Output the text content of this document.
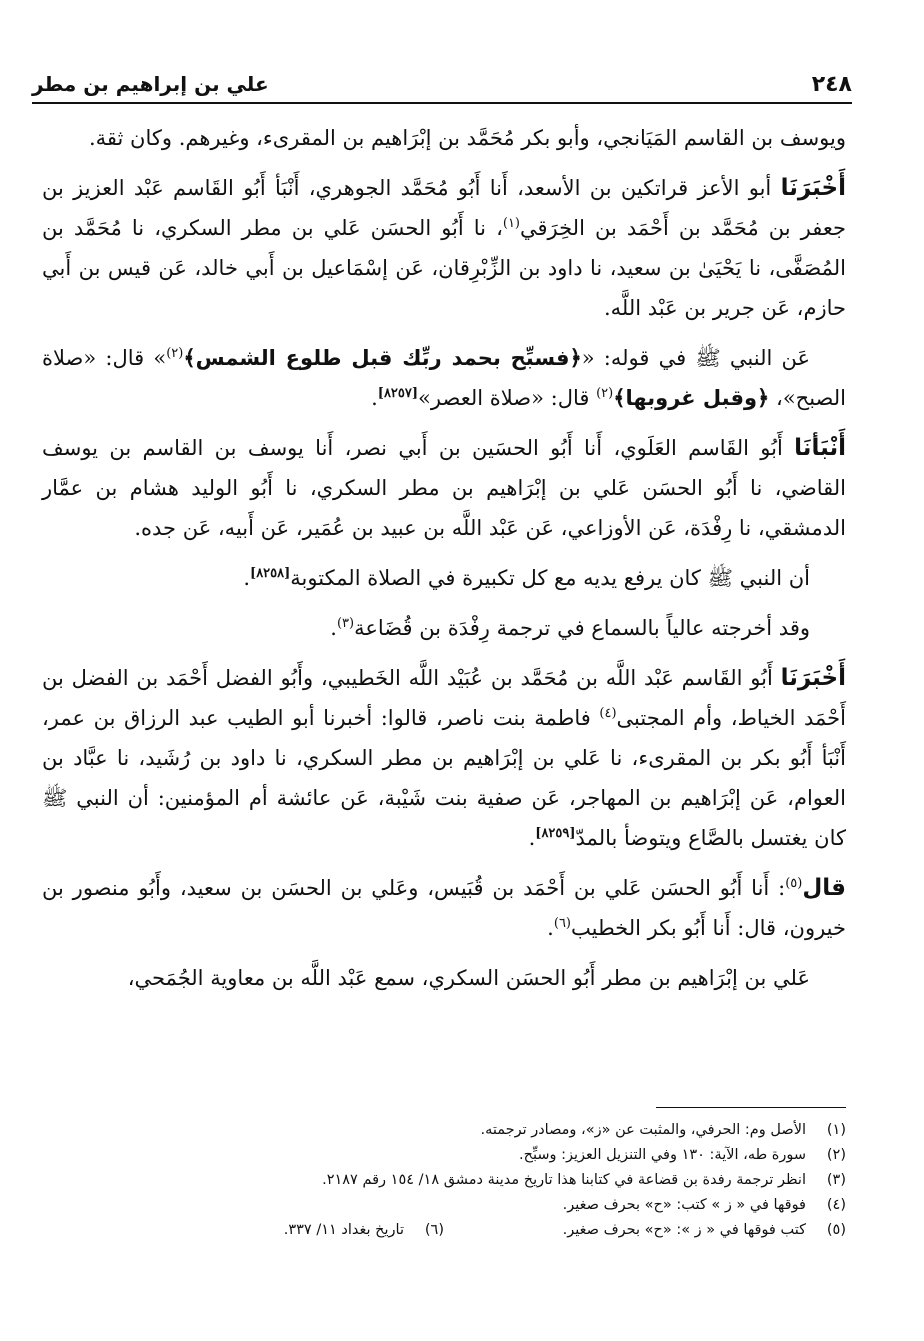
٢٤٨
علي بن إبراهيم بن مطر

ويوسف بن القاسم المَيَانجي، وأبو بكر مُحَمَّد بن إبْرَاهيم بن المقرىء، وغيرهم. وكان ثقة.

أَخْبَرَنَا أبو الأعز قراتكين بن الأسعد، أَنا أَبُو مُحَمَّد الجوهري، أَنْبَأ أَبُو القَاسم عَبْد العزيز بن جعفر بن مُحَمَّد بن أَحْمَد بن الخِرَقي$^{(١)}$، نا أَبُو الحسَن عَلي بن مطر السكري، نا مُحَمَّد بن المُصَفَّى، نا يَحْيَىٰ بن سعيد، نا داود بن الزِّبْرِقان، عَن إسْمَاعيل بن أَبي خالد، عَن قيس بن أَبي حازم، عَن جرير بن عَبْد اللَّه.

عَن النبي ﷺ في قوله: «﴿فسبِّح بحمد ربِّك قبل طلوع الشمس﴾$^{(٢)}$» قال: «صلاة الصبح»، ﴿وقبل غروبها﴾$^{(٢)}$ قال: «صلاة العصر»[٨٢٥٧].

أَنْبَأنَا أَبُو القَاسم العَلَوي، أَنا أَبُو الحسَين بن أَبي نصر، أَنا يوسف بن القاسم بن يوسف القاضي، نا أَبُو الحسَن عَلي بن إبْرَاهيم بن مطر السكري، نا أَبُو الوليد هشام بن عمَّار الدمشقي، نا رِفْدَة، عَن الأوزاعي، عَن عَبْد اللَّه بن عبيد بن عُمَير، عَن أَبيه، عَن جده.

أن النبي ﷺ كان يرفع يديه مع كل تكبيرة في الصلاة المكتوبة[٨٢٥٨].

وقد أخرجته عالياً بالسماع في ترجمة رِفْدَة بن قُضَاعة$^{(٣)}$.

أَخْبَرَنَا أَبُو القَاسم عَبْد اللَّه بن مُحَمَّد بن عُبَيْد اللَّه الخَطيبي، وأَبُو الفضل أَحْمَد بن الفضل بن أَحْمَد الخياط، وأم المجتبى$^{(٤)}$ فاطمة بنت ناصر، قالوا: أخبرنا أبو الطيب عبد الرزاق بن عمر، أَنْبَأ أَبُو بكر بن المقرىء، نا عَلي بن إبْرَاهيم بن مطر السكري، نا داود بن رُشَيد، نا عبَّاد بن العوام، عَن إبْرَاهيم بن المهاجر، عَن صفية بنت شَيْبة، عَن عائشة أم المؤمنين: أن النبي ﷺ كان يغتسل بالصَّاع ويتوضأ بالمدّ[٨٢٥٩].

قال$^{(٥)}$: أَنا أَبُو الحسَن عَلي بن أَحْمَد بن قُبَيس، وعَلي بن الحسَن بن سعيد، وأَبُو منصور بن خيرون، قال: أَنا أَبُو بكر الخطيب$^{(٦)}$.

عَلي بن إبْرَاهيم بن مطر أَبُو الحسَن السكري، سمع عَبْد اللَّه بن معاوية الجُمَحي،

(١)
الأصل وم: الحرفي، والمثبت عن «ز»، ومصادر ترجمته.
(٢)
سورة طه، الآية: ١٣٠ وفي التنزيل العزيز: وسبِّح.
(٣)
انظر ترجمة رفدة بن قضاعة في كتابنا هذا تاريخ مدينة دمشق ١٨/ ١٥٤ رقم ٢١٨٧.
(٤)
فوقها في « ز » كتب: «ح» بحرف صغير.
(٥)
كتب فوقها في « ز »: «ح» بحرف صغير.
(٦)
تاريخ بغداد ١١/ ٣٣٧.
